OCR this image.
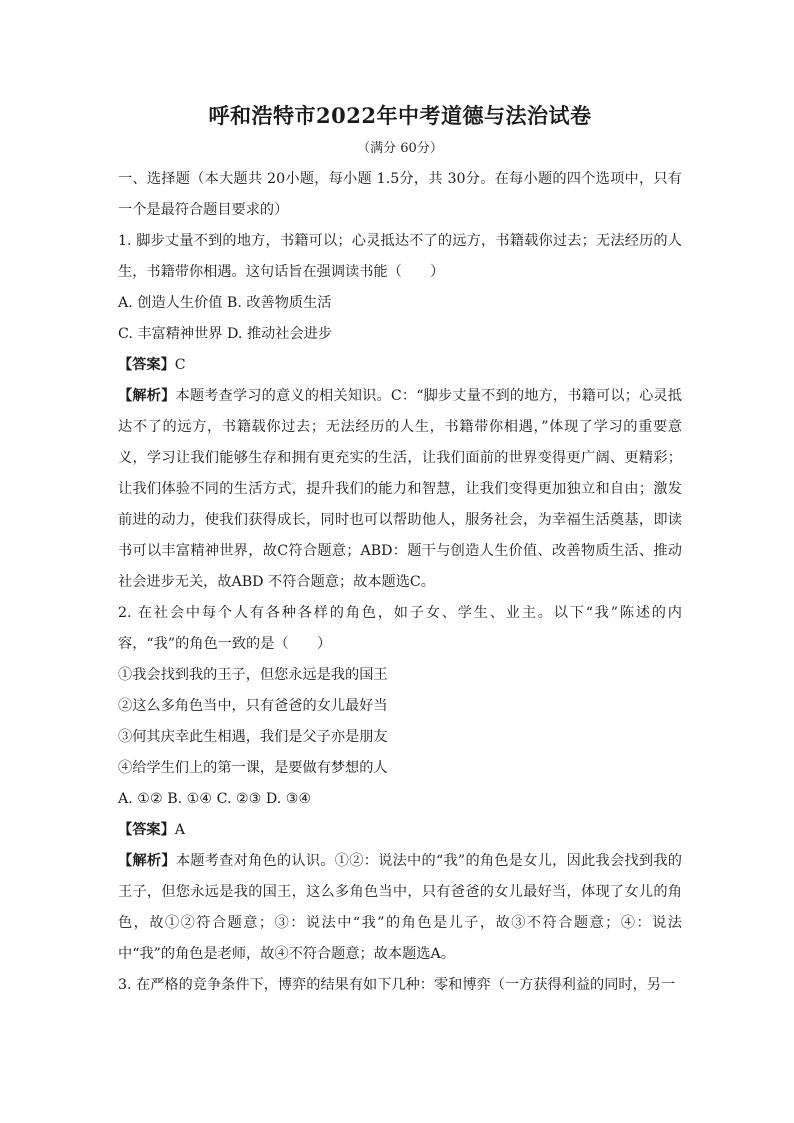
呼和浩特市2022年中考道德与法治试卷

（满分 60分）

一、选择题（本大题共 20小题，每小题 1.5分，共 30分。在每小题的四个选项中，只有一个是最符合题目要求的）

1. 脚步丈量不到的地方，书籍可以；心灵抵达不了的远方，书籍载你过去；无法经历的人生，书籍带你相遇。这句话旨在强调读书能（　　）

A. 创造人生价值 B. 改善物质生活

C. 丰富精神世界 D. 推动社会进步

【答案】C

【解析】本题考查学习的意义的相关知识。C：“脚步丈量不到的地方，书籍可以；心灵抵达不了的远方，书籍载你过去；无法经历的人生，书籍带你相遇，”体现了学习的重要意义，学习让我们能够生存和拥有更充实的生活，让我们面前的世界变得更广阔、更精彩；让我们体验不同的生活方式，提升我们的能力和智慧，让我们变得更加独立和自由；激发前进的动力，使我们获得成长，同时也可以帮助他人，服务社会，为幸福生活奠基，即读书可以丰富精神世界，故C符合题意；ABD：题干与创造人生价值、改善物质生活、推动社会进步无关，故ABD 不符合题意；故本题选C。

2. 在社会中每个人有各种各样的角色，如子女、学生、业主。以下“我”陈述的内容，“我”的角色一致的是（　　）

①我会找到我的王子，但您永远是我的国王

②这么多角色当中，只有爸爸的女儿最好当

③何其庆幸此生相遇，我们是父子亦是朋友

④给学生们上的第一课，是要做有梦想的人

A. ①② B. ①④ C. ②③ D. ③④

【答案】A

【解析】本题考查对角色的认识。①②：说法中的“我”的角色是女儿，因此我会找到我的王子，但您永远是我的国王，这么多角色当中，只有爸爸的女儿最好当，体现了女儿的角色，故①②符合题意；③：说法中“我”的角色是儿子，故③不符合题意；④：说法中“我”的角色是老师，故④不符合题意；故本题选A。

3. 在严格的竞争条件下，博弈的结果有如下几种：零和博弈（一方获得利益的同时，另一
